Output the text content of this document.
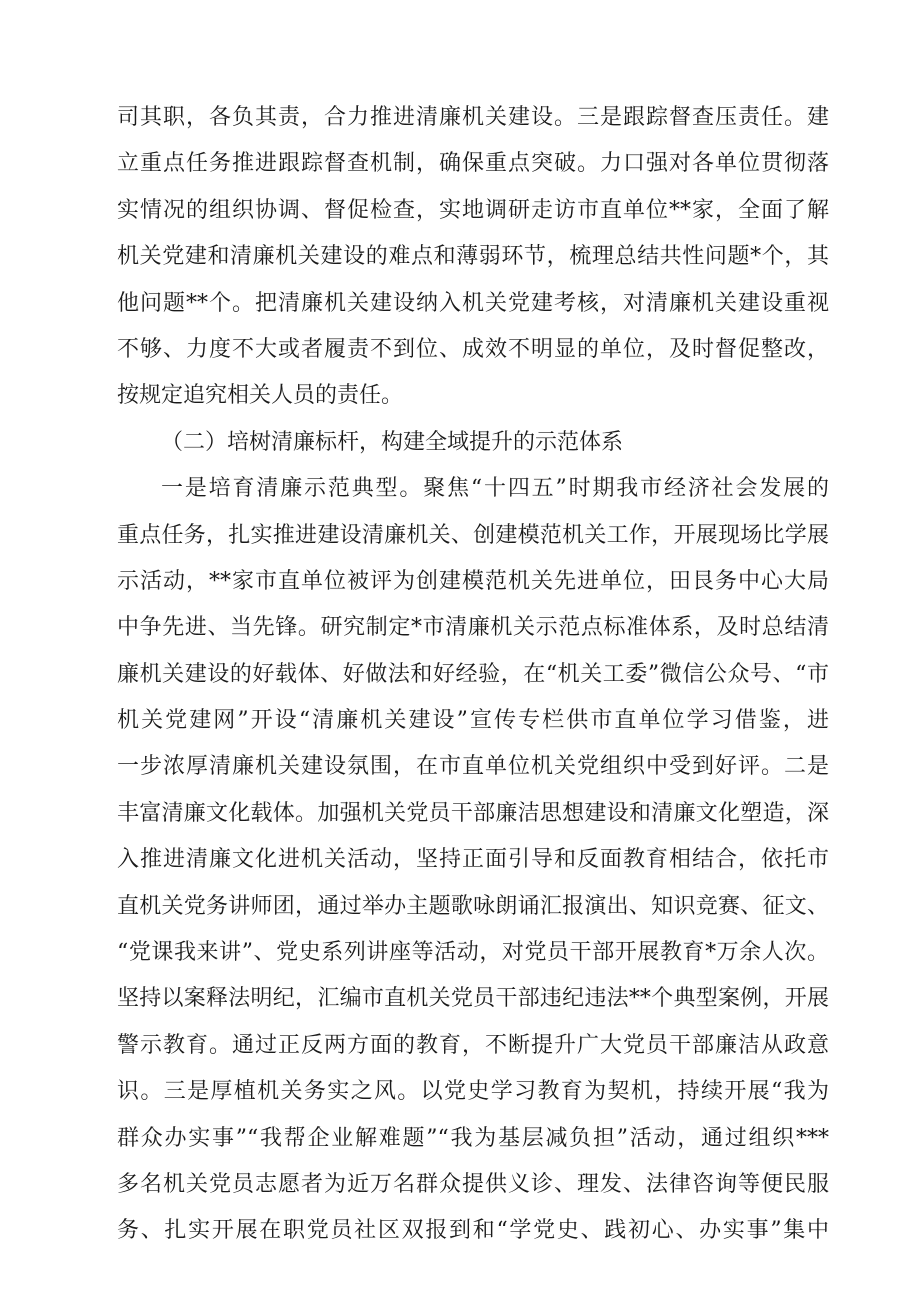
司其职，各负其责，合力推进清廉机关建设。三是跟踪督查压责任。建
立重点任务推进跟踪督查机制，确保重点突破。力口强对各单位贯彻落
实情况的组织协调、督促检查，实地调研走访市直单位**家，全面了解
机关党建和清廉机关建设的难点和薄弱环节，梳理总结共性问题*个，其
他问题**个。把清廉机关建设纳入机关党建考核，对清廉机关建设重视
不够、力度不大或者履责不到位、成效不明显的单位，及时督促整改，
按规定追究相关人员的责任。
（二）培树清廉标杆，构建全域提升的示范体系
一是培育清廉示范典型。聚焦“十四五”时期我市经济社会发展的
重点任务，扎实推进建设清廉机关、创建模范机关工作，开展现场比学展
示活动，**家市直单位被评为创建模范机关先进单位，田艮务中心大局
中争先进、当先锋。研究制定*市清廉机关示范点标准体系，及时总结清
廉机关建设的好载体、好做法和好经验，在“机关工委”微信公众号、“市
机关党建网”开设“清廉机关建设”宣传专栏供市直单位学习借鉴，进
一步浓厚清廉机关建设氛围，在市直单位机关党组织中受到好评。二是
丰富清廉文化载体。加强机关党员干部廉洁思想建设和清廉文化塑造，深
入推进清廉文化进机关活动，坚持正面引导和反面教育相结合，依托市
直机关党务讲师团，通过举办主题歌咏朗诵汇报演出、知识竞赛、征文、
“党课我来讲”、党史系列讲座等活动，对党员干部开展教育*万余人次。
坚持以案释法明纪，汇编市直机关党员干部违纪违法**个典型案例，开展
警示教育。通过正反两方面的教育，不断提升广大党员干部廉洁从政意
识。三是厚植机关务实之风。以党史学习教育为契机，持续开展“我为
群众办实事”“我帮企业解难题”“我为基层减负担”活动，通过组织***
多名机关党员志愿者为近万名群众提供义诊、理发、法律咨询等便民服
务、扎实开展在职党员社区双报到和“学党史、践初心、办实事”集中
